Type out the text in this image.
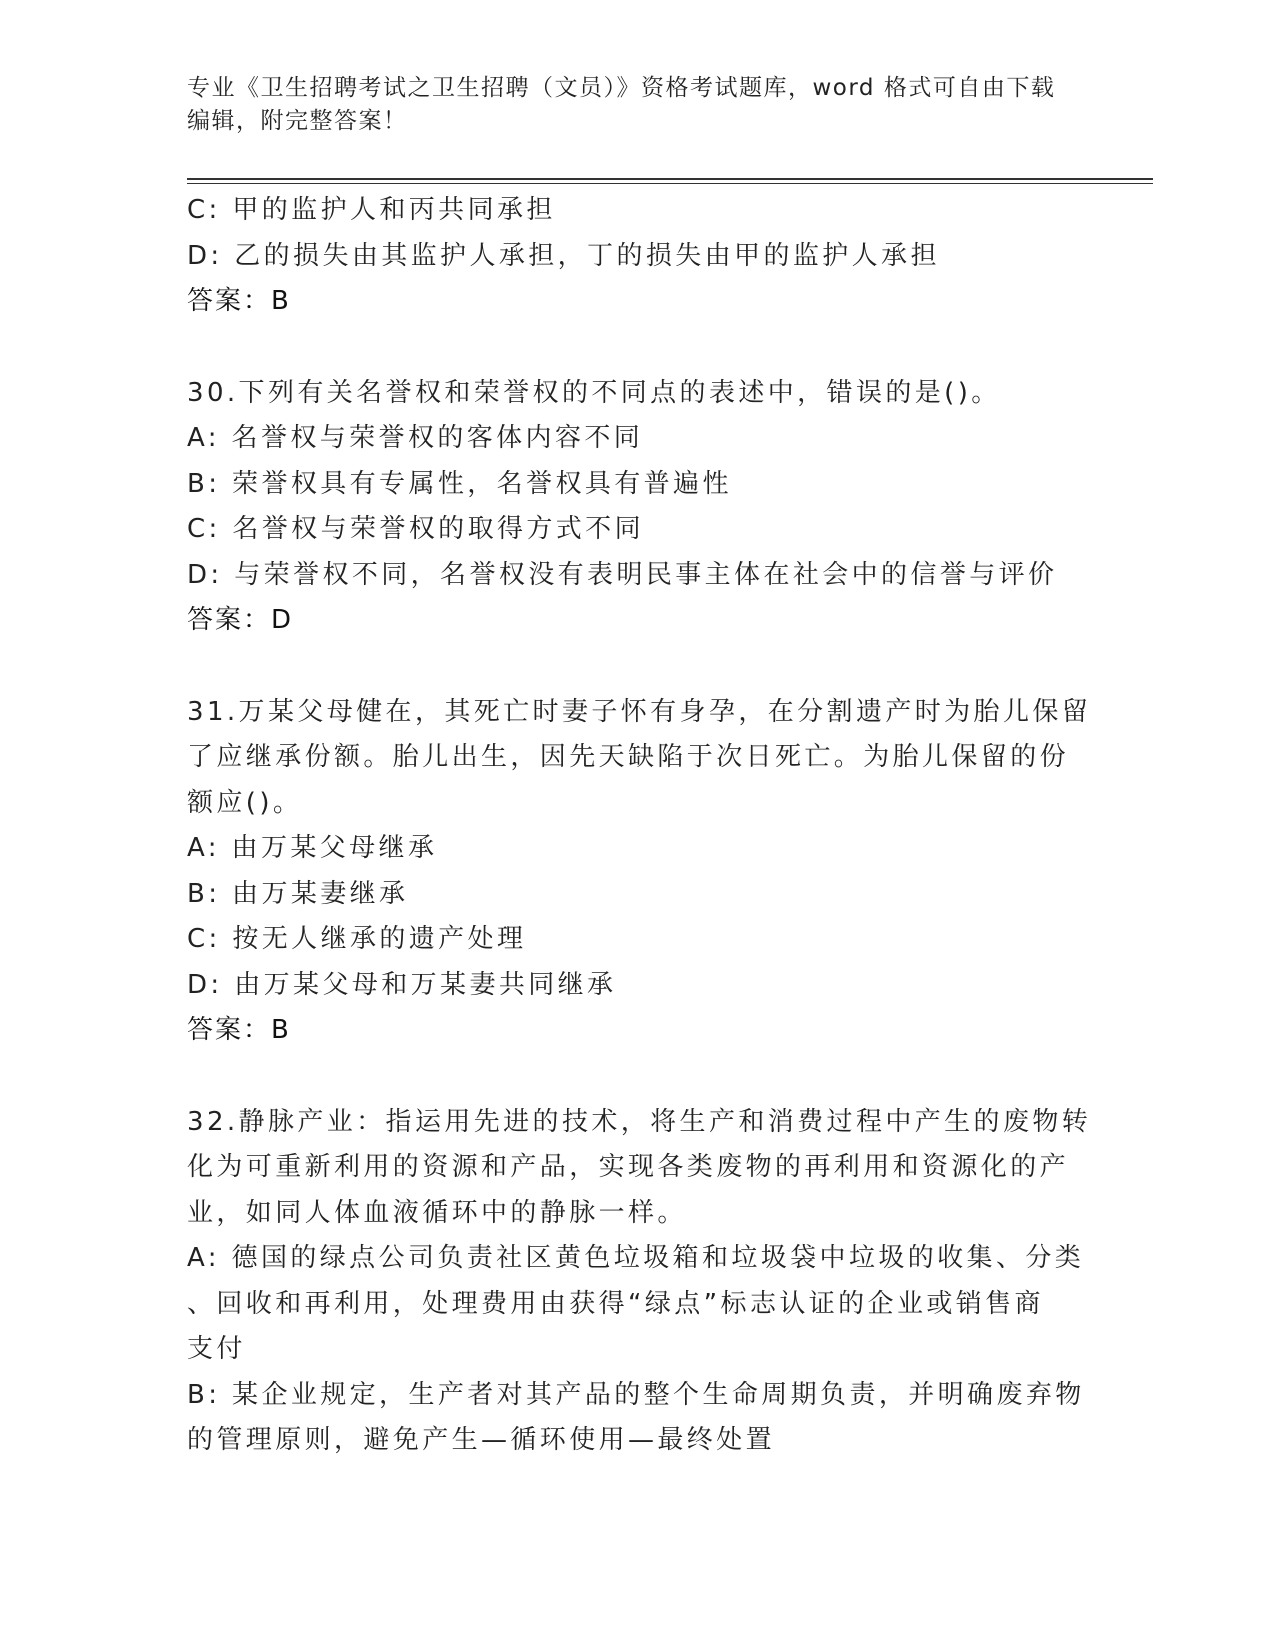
专业《卫生招聘考试之卫生招聘（文员）》资格考试题库，word 格式可自由下载
编辑，附完整答案！
C: 甲的监护人和丙共同承担
D: 乙的损失由其监护人承担，丁的损失由甲的监护人承担
答案：B
30.下列有关名誉权和荣誉权的不同点的表述中，错误的是()。
A: 名誉权与荣誉权的客体内容不同
B: 荣誉权具有专属性，名誉权具有普遍性
C: 名誉权与荣誉权的取得方式不同
D: 与荣誉权不同，名誉权没有表明民事主体在社会中的信誉与评价
答案：D
31.万某父母健在，其死亡时妻子怀有身孕，在分割遗产时为胎儿保留
了应继承份额。胎儿出生，因先天缺陷于次日死亡。为胎儿保留的份
额应()。
A: 由万某父母继承
B: 由万某妻继承
C: 按无人继承的遗产处理
D: 由万某父母和万某妻共同继承
答案：B
32.静脉产业：指运用先进的技术，将生产和消费过程中产生的废物转
化为可重新利用的资源和产品，实现各类废物的再利用和资源化的产
业，如同人体血液循环中的静脉一样。
A: 德国的绿点公司负责社区黄色垃圾箱和垃圾袋中垃圾的收集、分类
、回收和再利用，处理费用由获得“绿点”标志认证的企业或销售商
支付
B: 某企业规定，生产者对其产品的整个生命周期负责，并明确废弃物
的管理原则，避免产生—循环使用—最终处置
